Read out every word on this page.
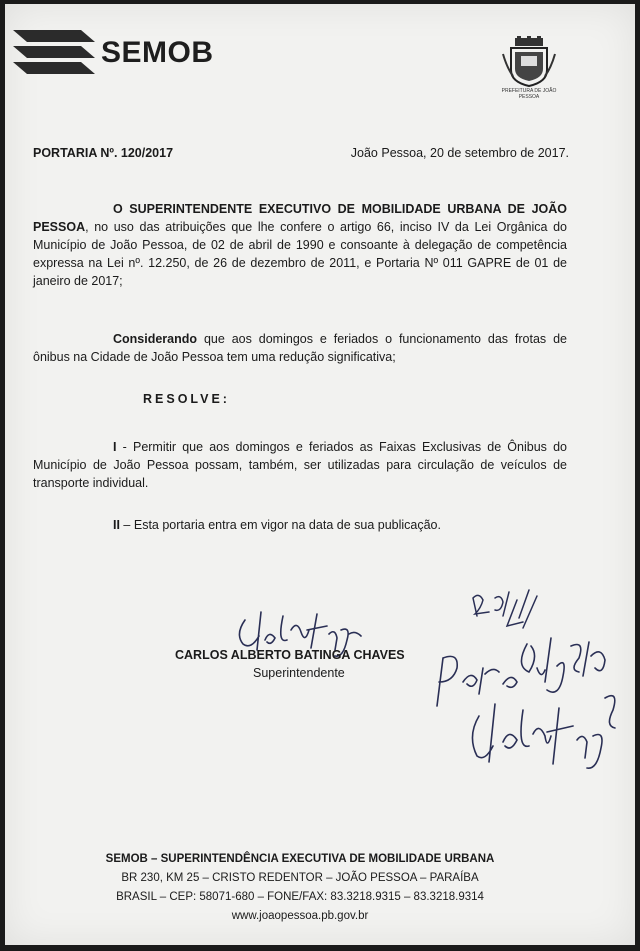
SEMOB
PREFEITURA DE JOÃO PESSOA
PORTARIA Nº. 120/2017	João Pessoa, 20 de setembro de 2017.
O SUPERINTENDENTE EXECUTIVO DE MOBILIDADE URBANA DE JOÃO PESSOA, no uso das atribuições que lhe confere o artigo 66, inciso IV da Lei Orgânica do Município de João Pessoa, de 02 de abril de 1990 e consoante à delegação de competência expressa na Lei nº. 12.250, de 26 de dezembro de 2011, e Portaria Nº 011 GAPRE de 01 de janeiro de 2017;
Considerando que aos domingos e feriados o funcionamento das frotas de ônibus na Cidade de João Pessoa tem uma redução significativa;
RESOLVE:
I - Permitir que aos domingos e feriados as Faixas Exclusivas de Ônibus do Município de João Pessoa possam, também, ser utilizadas para circulação de veículos de transporte individual.
II – Esta portaria entra em vigor na data de sua publicação.
CARLOS ALBERTO BATINGA CHAVES
Superintendente
SEMOB – SUPERINTENDÊNCIA EXECUTIVA DE MOBILIDADE URBANA
BR 230, KM 25 – CRISTO REDENTOR – JOÃO PESSOA – PARAÍBA
BRASIL – CEP: 58071-680 – FONE/FAX: 83.3218.9315 – 83.3218.9314
www.joaopessoa.pb.gov.br
